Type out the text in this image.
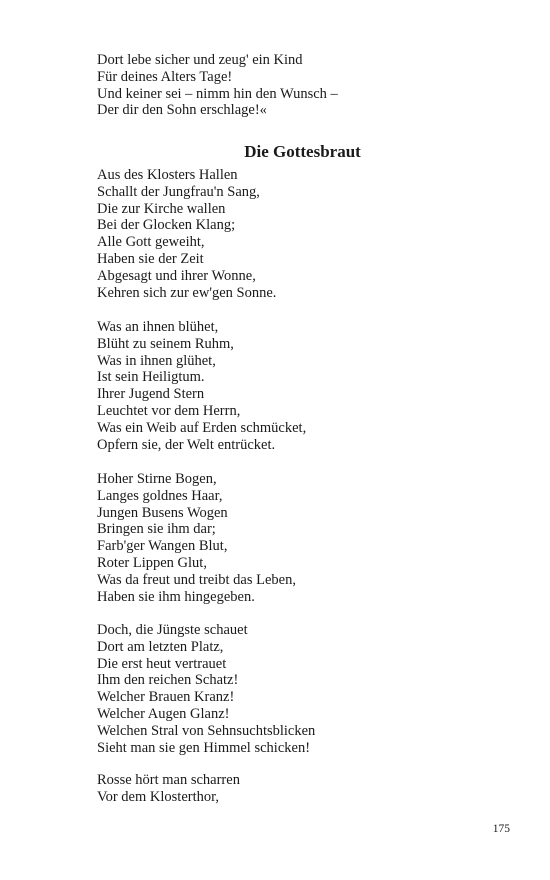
Dort lebe sicher und zeug' ein Kind
Für deines Alters Tage!
Und keiner sei – nimm hin den Wunsch –
Der dir den Sohn erschlage!«
Die Gottesbraut
Aus des Klosters Hallen
Schallt der Jungfrau'n Sang,
Die zur Kirche wallen
Bei der Glocken Klang;
Alle Gott geweiht,
Haben sie der Zeit
Abgesagt und ihrer Wonne,
Kehren sich zur ew'gen Sonne.
Was an ihnen blühet,
Blüht zu seinem Ruhm,
Was in ihnen glühet,
Ist sein Heiligtum.
Ihrer Jugend Stern
Leuchtet vor dem Herrn,
Was ein Weib auf Erden schmücket,
Opfern sie, der Welt entrücket.
Hoher Stirne Bogen,
Langes goldnes Haar,
Jungen Busens Wogen
Bringen sie ihm dar;
Farb'ger Wangen Blut,
Roter Lippen Glut,
Was da freut und treibt das Leben,
Haben sie ihm hingegeben.
Doch, die Jüngste schauet
Dort am letzten Platz,
Die erst heut vertrauet
Ihm den reichen Schatz!
Welcher Brauen Kranz!
Welcher Augen Glanz!
Welchen Stral von Sehnsuchtsblicken
Sieht man sie gen Himmel schicken!
Rosse hört man scharren
Vor dem Klosterthor,
175
